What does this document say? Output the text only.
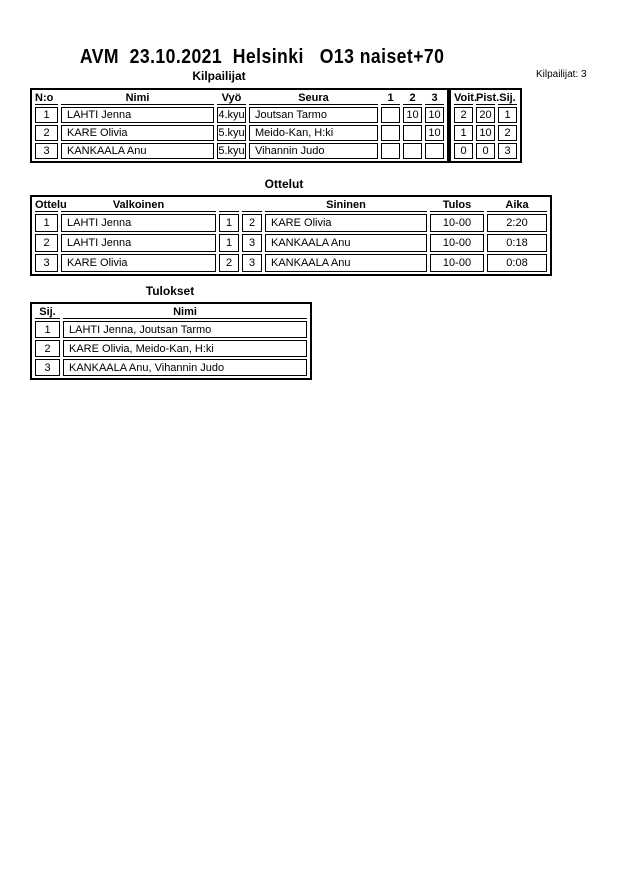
AVM  23.10.2021  Helsinki   O13 naiset+70
Kilpailijat	Kilpailijat: 3
N:o	Nimi	Vyö	Seura	1	2	3
1	LAHTI Jenna	4.kyu	Joutsan Tarmo		10	10
2	KARE Olivia	5.kyu	Meido-Kan, H:ki			10
3	KANKAALA Anu	5.kyu	Vihannin Judo			
Voit.	Pist.	Sij.
2	20	1
1	10	2
0	0	3
Ottelut
Ottelu	Valkoinen			Sininen	Tulos	Aika
1	LAHTI Jenna	1	2	KARE Olivia	10-00	2:20
2	LAHTI Jenna	1	3	KANKAALA Anu	10-00	0:18
3	KARE Olivia	2	3	KANKAALA Anu	10-00	0:08
Tulokset
Sij.	Nimi
1	LAHTI Jenna, Joutsan Tarmo
2	KARE Olivia, Meido-Kan, H:ki
3	KANKAALA Anu, Vihannin Judo
